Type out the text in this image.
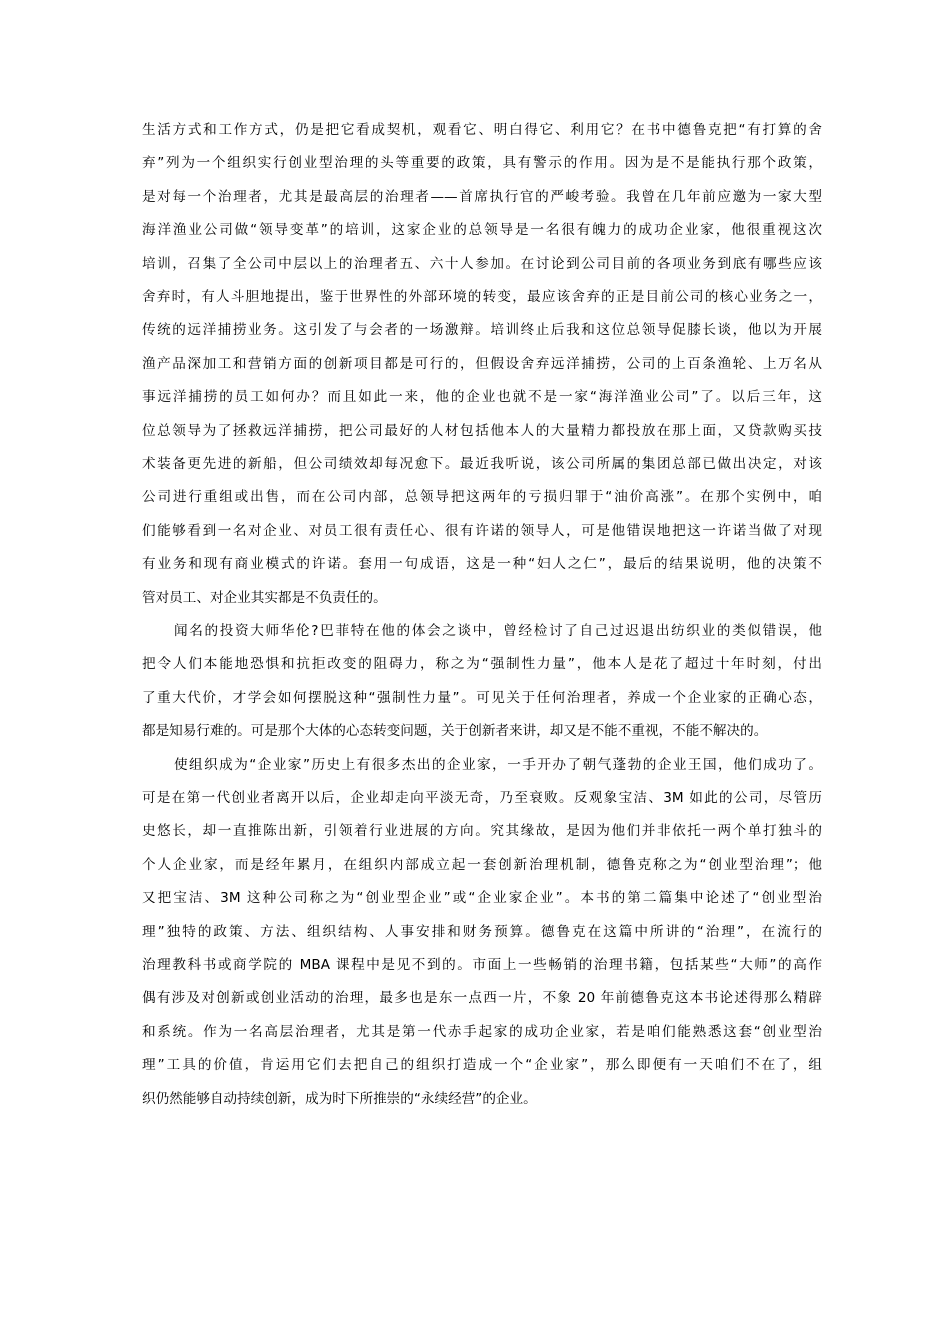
生活方式和工作方式，仍是把它看成契机，观看它、明白得它、利用它？在书中德鲁克把“有打算的舍
弃”列为一个组织实行创业型治理的头等重要的政策，具有警示的作用。因为是不是能执行那个政策，
是对每一个治理者，尤其是最高层的治理者——首席执行官的严峻考验。我曾在几年前应邀为一家大型
海洋渔业公司做“领导变革”的培训，这家企业的总领导是一名很有魄力的成功企业家，他很重视这次
培训，召集了全公司中层以上的治理者五、六十人参加。在讨论到公司目前的各项业务到底有哪些应该
舍弃时，有人斗胆地提出，鉴于世界性的外部环境的转变，最应该舍弃的正是目前公司的核心业务之一，
传统的远洋捕捞业务。这引发了与会者的一场激辩。培训终止后我和这位总领导促膝长谈，他以为开展
渔产品深加工和营销方面的创新项目都是可行的，但假设舍弃远洋捕捞，公司的上百条渔轮、上万名从
事远洋捕捞的员工如何办？而且如此一来，他的企业也就不是一家“海洋渔业公司”了。以后三年，这
位总领导为了拯救远洋捕捞，把公司最好的人材包括他本人的大量精力都投放在那上面，又贷款购买技
术装备更先进的新船，但公司绩效却每况愈下。最近我听说，该公司所属的集团总部已做出决定，对该
公司进行重组或出售，而在公司内部，总领导把这两年的亏损归罪于“油价高涨”。在那个实例中，咱
们能够看到一名对企业、对员工很有责任心、很有许诺的领导人，可是他错误地把这一许诺当做了对现
有业务和现有商业模式的许诺。套用一句成语，这是一种“妇人之仁”，最后的结果说明，他的决策不
管对员工、对企业其实都是不负责任的。
闻名的投资大师华伦?巴菲特在他的体会之谈中，曾经检讨了自己过迟退出纺织业的类似错误，他
把令人们本能地恐惧和抗拒改变的阻碍力，称之为“强制性力量”，他本人是花了超过十年时刻，付出
了重大代价，才学会如何摆脱这种“强制性力量”。可见关于任何治理者，养成一个企业家的正确心态，
都是知易行难的。可是那个大体的心态转变问题，关于创新者来讲，却又是不能不重视，不能不解决的。
使组织成为“企业家”历史上有很多杰出的企业家，一手开办了朝气蓬勃的企业王国，他们成功了。
可是在第一代创业者离开以后，企业却走向平淡无奇，乃至衰败。反观象宝洁、3M 如此的公司，尽管历
史悠长，却一直推陈出新，引领着行业进展的方向。究其缘故，是因为他们并非依托一两个单打独斗的
个人企业家，而是经年累月，在组织内部成立起一套创新治理机制，德鲁克称之为“创业型治理”；他
又把宝洁、3M 这种公司称之为“创业型企业”或“企业家企业”。本书的第二篇集中论述了“创业型治
理”独特的政策、方法、组织结构、人事安排和财务预算。德鲁克在这篇中所讲的“治理”，在流行的
治理教科书或商学院的 MBA 课程中是见不到的。市面上一些畅销的治理书籍，包括某些“大师”的高作
偶有涉及对创新或创业活动的治理，最多也是东一点西一片，不象 20 年前德鲁克这本书论述得那么精辟
和系统。作为一名高层治理者，尤其是第一代赤手起家的成功企业家，若是咱们能熟悉这套“创业型治
理”工具的价值，肯运用它们去把自己的组织打造成一个“企业家”，那么即便有一天咱们不在了，组
织仍然能够自动持续创新，成为时下所推崇的“永续经营”的企业。
